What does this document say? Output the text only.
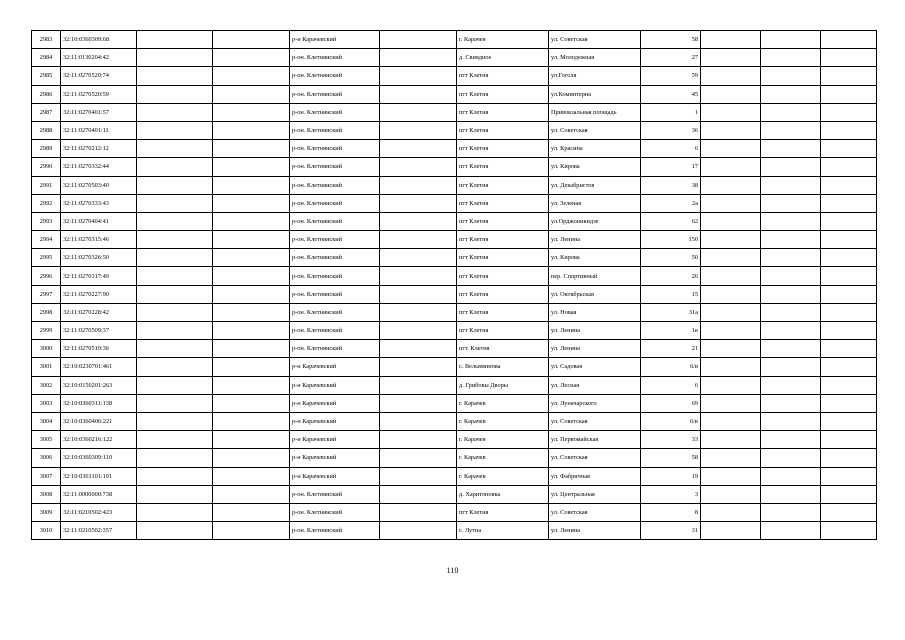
2983	32:10:0360309:68			р-н Карачевский		г. Карачев	ул. Советская	58			
2984	32:11:0130204:42			р-он. Клетнянский		д. Свиядное	ул. Молодежная	27			
2985	32:11:0270520:74			р-он. Клетнянский		пгт Клетня	ул.Гоголя	59			
2986	32:11:0270520:59			р-он. Клетнянский		пгт Клетня	ул.Коминтерна	45			
2987	32:11:0270401:57			р-он. Клетнянский		пгт Клетня	Привокзальная площадь	1			
2988	32:11:0270401:11			р-он. Клетнянский		пгт Клетня	ул. Советская	36			
2989	32:11:0270212:12			р-он. Клетнянский		пгт Клетня	ул. Красина	6			
2990	32:11:0270332:44			р-он. Клетнянский		пгт Клетня	ул. Кирова	17			
2991	32:11:0270503:40			р-он. Клетнянский		пгт Клетня	ул. Декабристов	38			
2992	32:11:0270333:43			р-он. Клетнянский		пгт Клетня	ул. Зеленая	2а			
2993	32:11:0270404:41			р-он. Клетнянский		пгт Клетня	ул.Орджоникидзе	62			
2994	32:11:0270315:46			р-он. Клетнянский		пгт Клетня	ул. Ленина	150			
2995	32:11:0270326:50			р-он. Клетнянский		пгт Клетня	ул. Кирова	50			
2996	32:11:0270317:49			р-он. Клетнянский		пгт Клетня	пер. Спортивный	26			
2997	32:11:0270227:90			р-он. Клетнянский		пгт Клетня	ул. Октябрьская	15			
2998	32:11:0270228:42			р-он. Клетнянский		пгт Клетня	ул. Новая	31а			
2999	32:11:0270509:37			р-он. Клетнянский		пгт Клетня	ул. Ленина	1в			
3000	32:11:0270519:36			р-он. Клетнянский		пгт. Клетня	ул. Ленина	21			
3001	32:10:0230701:461			р-н Карачевский		с. Вельяминова	ул. Садовая	6/в			
3002	32:10:0150201:263			р-н Карачевский		д. Грибовы Дворы	ул. Лесная	6			
3003	32:10:0360311:138			р-н Карачевский		г. Карачев	ул. Луначарского	69			
3004	32:10:0360406:221			р-н Карачевский		г. Карачев	ул. Советская	6/в			
3005	32:10:0360216:122			р-н Карачевский		г. Карачев	ул. Первомайская	33			
3006	32:10:0360309:110			р-н Карачевский		г. Карачев	ул. Советская	58			
3007	32:10:0361101:191			р-н Карачевский		г. Карачев	ул. Фабричная	19			
3008	32:11:0000000:738			р-он. Клетнянский		д. Харитоновка	ул. Центральная	3			
3009	32:11:0210502:423			р-он. Клетнянский		пгт Клетня	ул. Советская	8			
3010	32:11:0210502:357			р-он. Клетнянский		с. Лутна	ул. Ленина	31			
110
